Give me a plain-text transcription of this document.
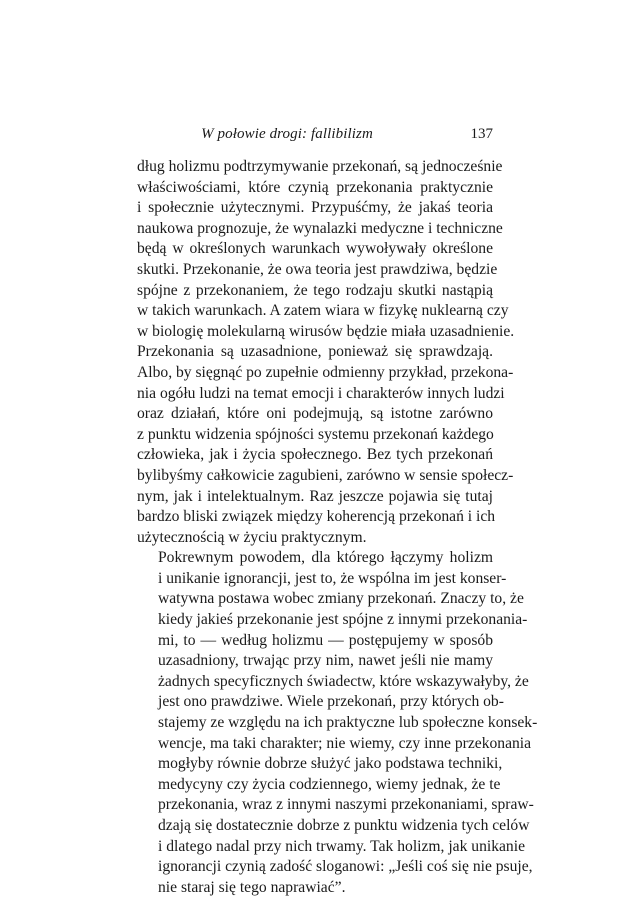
W połowie drogi: fallibilizm	137

dług holizmu podtrzymywanie przekonań, są jednocześnie
właściwościami, które czynią przekonania praktycznie
i społecznie użytecznymi. Przypuśćmy, że jakaś teoria
naukowa prognozuje, że wynalazki medyczne i techniczne
będą w określonych warunkach wywoływały określone
skutki. Przekonanie, że owa teoria jest prawdziwa, będzie
spójne z przekonaniem, że tego rodzaju skutki nastąpią
w takich warunkach. A zatem wiara w fizykę nuklearną czy
w biologię molekularną wirusów będzie miała uzasadnienie.
Przekonania są uzasadnione, ponieważ się sprawdzają.
Albo, by sięgnąć po zupełnie odmienny przykład, przekona-
nia ogółu ludzi na temat emocji i charakterów innych ludzi
oraz działań, które oni podejmują, są istotne zarówno
z punktu widzenia spójności systemu przekonań każdego
człowieka, jak i życia społecznego. Bez tych przekonań
bylibyśmy całkowicie zagubieni, zarówno w sensie społecz-
nym, jak i intelektualnym. Raz jeszcze pojawia się tutaj
bardzo bliski związek między koherencją przekonań i ich
użytecznością w życiu praktycznym.

Pokrewnym powodem, dla którego łączymy holizm
i unikanie ignorancji, jest to, że wspólna im jest konser-
watywna postawa wobec zmiany przekonań. Znaczy to, że
kiedy jakieś przekonanie jest spójne z innymi przekonania-
mi, to — według holizmu — postępujemy w sposób
uzasadniony, trwając przy nim, nawet jeśli nie mamy
żadnych specyficznych świadectw, które wskazywałyby, że
jest ono prawdziwe. Wiele przekonań, przy których ob-
stajemy ze względu na ich praktyczne lub społeczne konsek-
wencje, ma taki charakter; nie wiemy, czy inne przekonania
mogłyby równie dobrze służyć jako podstawa techniki,
medycyny czy życia codziennego, wiemy jednak, że te
przekonania, wraz z innymi naszymi przekonaniami, spraw-
dzają się dostatecznie dobrze z punktu widzenia tych celów
i dlatego nadal przy nich trwamy. Tak holizm, jak unikanie
ignorancji czynią zadość sloganowi: „Jeśli coś się nie psuje,
nie staraj się tego naprawiać”.
